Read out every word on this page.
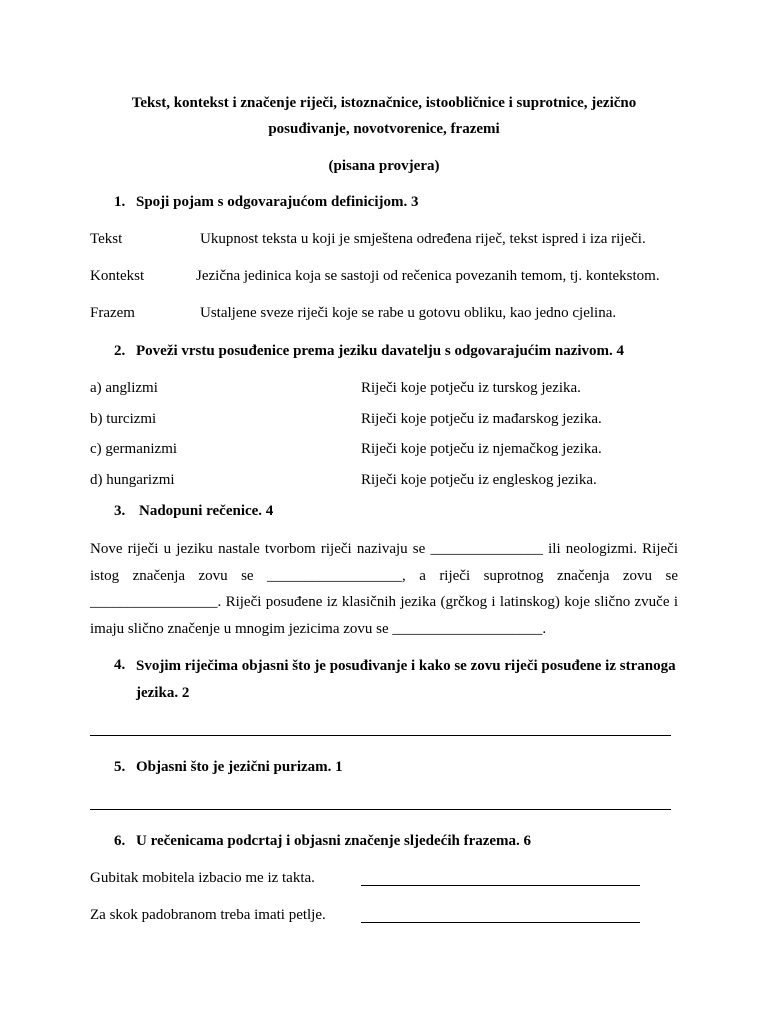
Tekst, kontekst i značenje riječi, istoznačnice, istoobličnice i suprotnice, jezično
posuđivanje, novotvorenice, frazemi
(pisana provjera)
1. Spoji pojam s odgovarajućom definicijom. 3
Tekst	Ukupnost teksta u koji je smještena određena riječ, tekst ispred i iza riječi.
Kontekst	Jezična jedinica koja se sastoji od rečenica povezanih temom, tj. kontekstom.
Frazem	Ustaljene sveze riječi koje se rabe u gotovu obliku, kao jedno cjelina.
2. Poveži vrstu posuđenice prema jeziku davatelju s odgovarajućim nazivom. 4
a) anglizmi	Riječi koje potječu iz turskog jezika.
b) turcizmi	Riječi koje potječu iz mađarskog jezika.
c) germanizmi	Riječi koje potječu iz njemačkog jezika.
d) hungarizmi	Riječi koje potječu iz engleskog jezika.
3. Nadopuni rečenice. 4
Nove riječi u jeziku nastale tvorbom riječi nazivaju se _______________ ili neologizmi. Riječi istog značenja zovu se __________________, a riječi suprotnog značenja zovu se _________________. Riječi posuđene iz klasičnih jezika (grčkog i latinskog) koje slično zvuče i imaju slično značenje u mnogim jezicima zovu se ____________________.
4. Svojim riječima objasni što je posuđivanje i kako se zovu riječi posuđene iz stranoga jezika. 2
5. Objasni što je jezični purizam. 1
6. U rečenicama podcrtaj i objasni značenje sljedećih frazema. 6
Gubitak mobitela izbacio me iz takta.
Za skok padobranom treba imati petlje.
